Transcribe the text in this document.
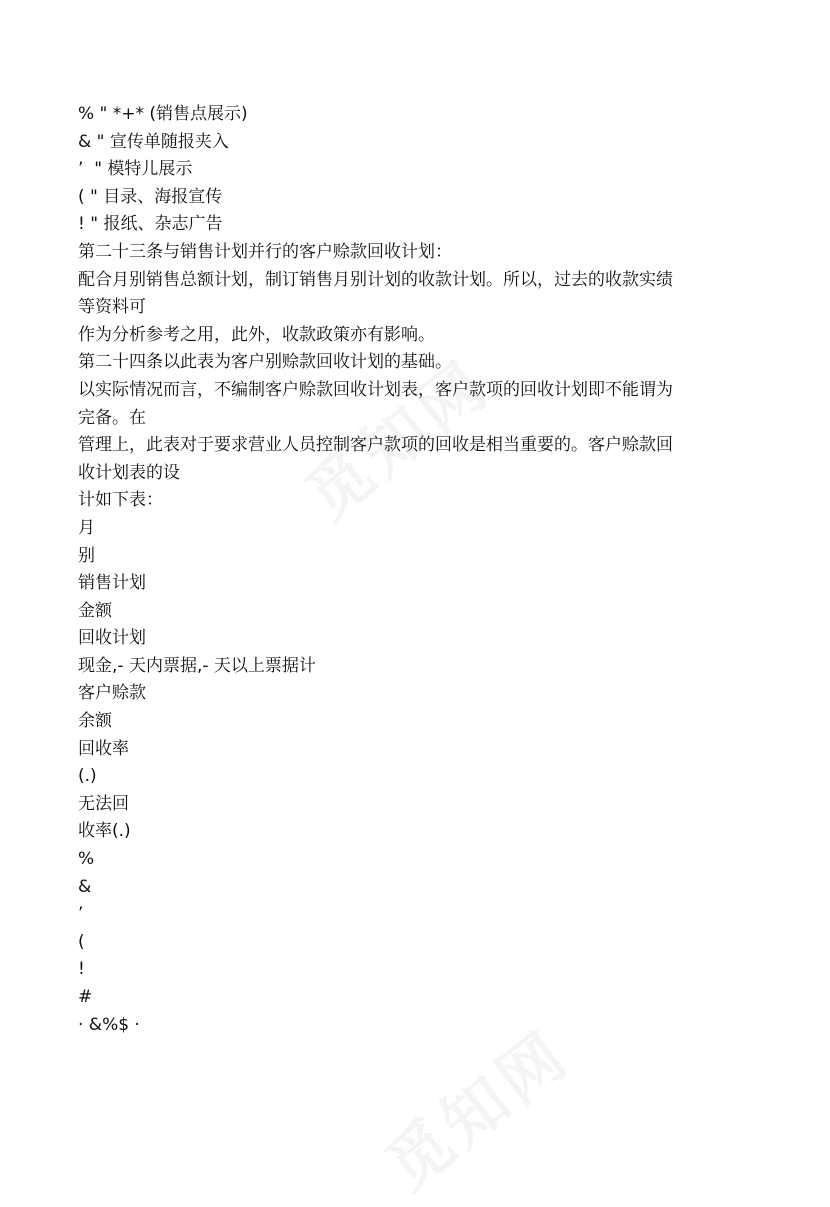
% " *+* (销售点展示)
& " 宣传单随报夹入
’  " 模特儿展示
( " 目录、海报宣传
! " 报纸、杂志广告
第二十三条与销售计划并行的客户赊款回收计划：
配合月别销售总额计划，制订销售月别计划的收款计划。所以，过去的收款实绩
等资料可
作为分析参考之用，此外，收款政策亦有影响。
第二十四条以此表为客户别赊款回收计划的基础。
以实际情况而言，不编制客户赊款回收计划表，客户款项的回收计划即不能谓为
完备。在
管理上，此表对于要求营业人员控制客户款项的回收是相当重要的。客户赊款回
收计划表的设
计如下表：
月
别
销售计划
金额
回收计划
现金,- 天内票据,- 天以上票据计
客户赊款
余额
回收率
(.)
无法回
收率(.)
%
&
’
(
!
#
· &%$ ·
